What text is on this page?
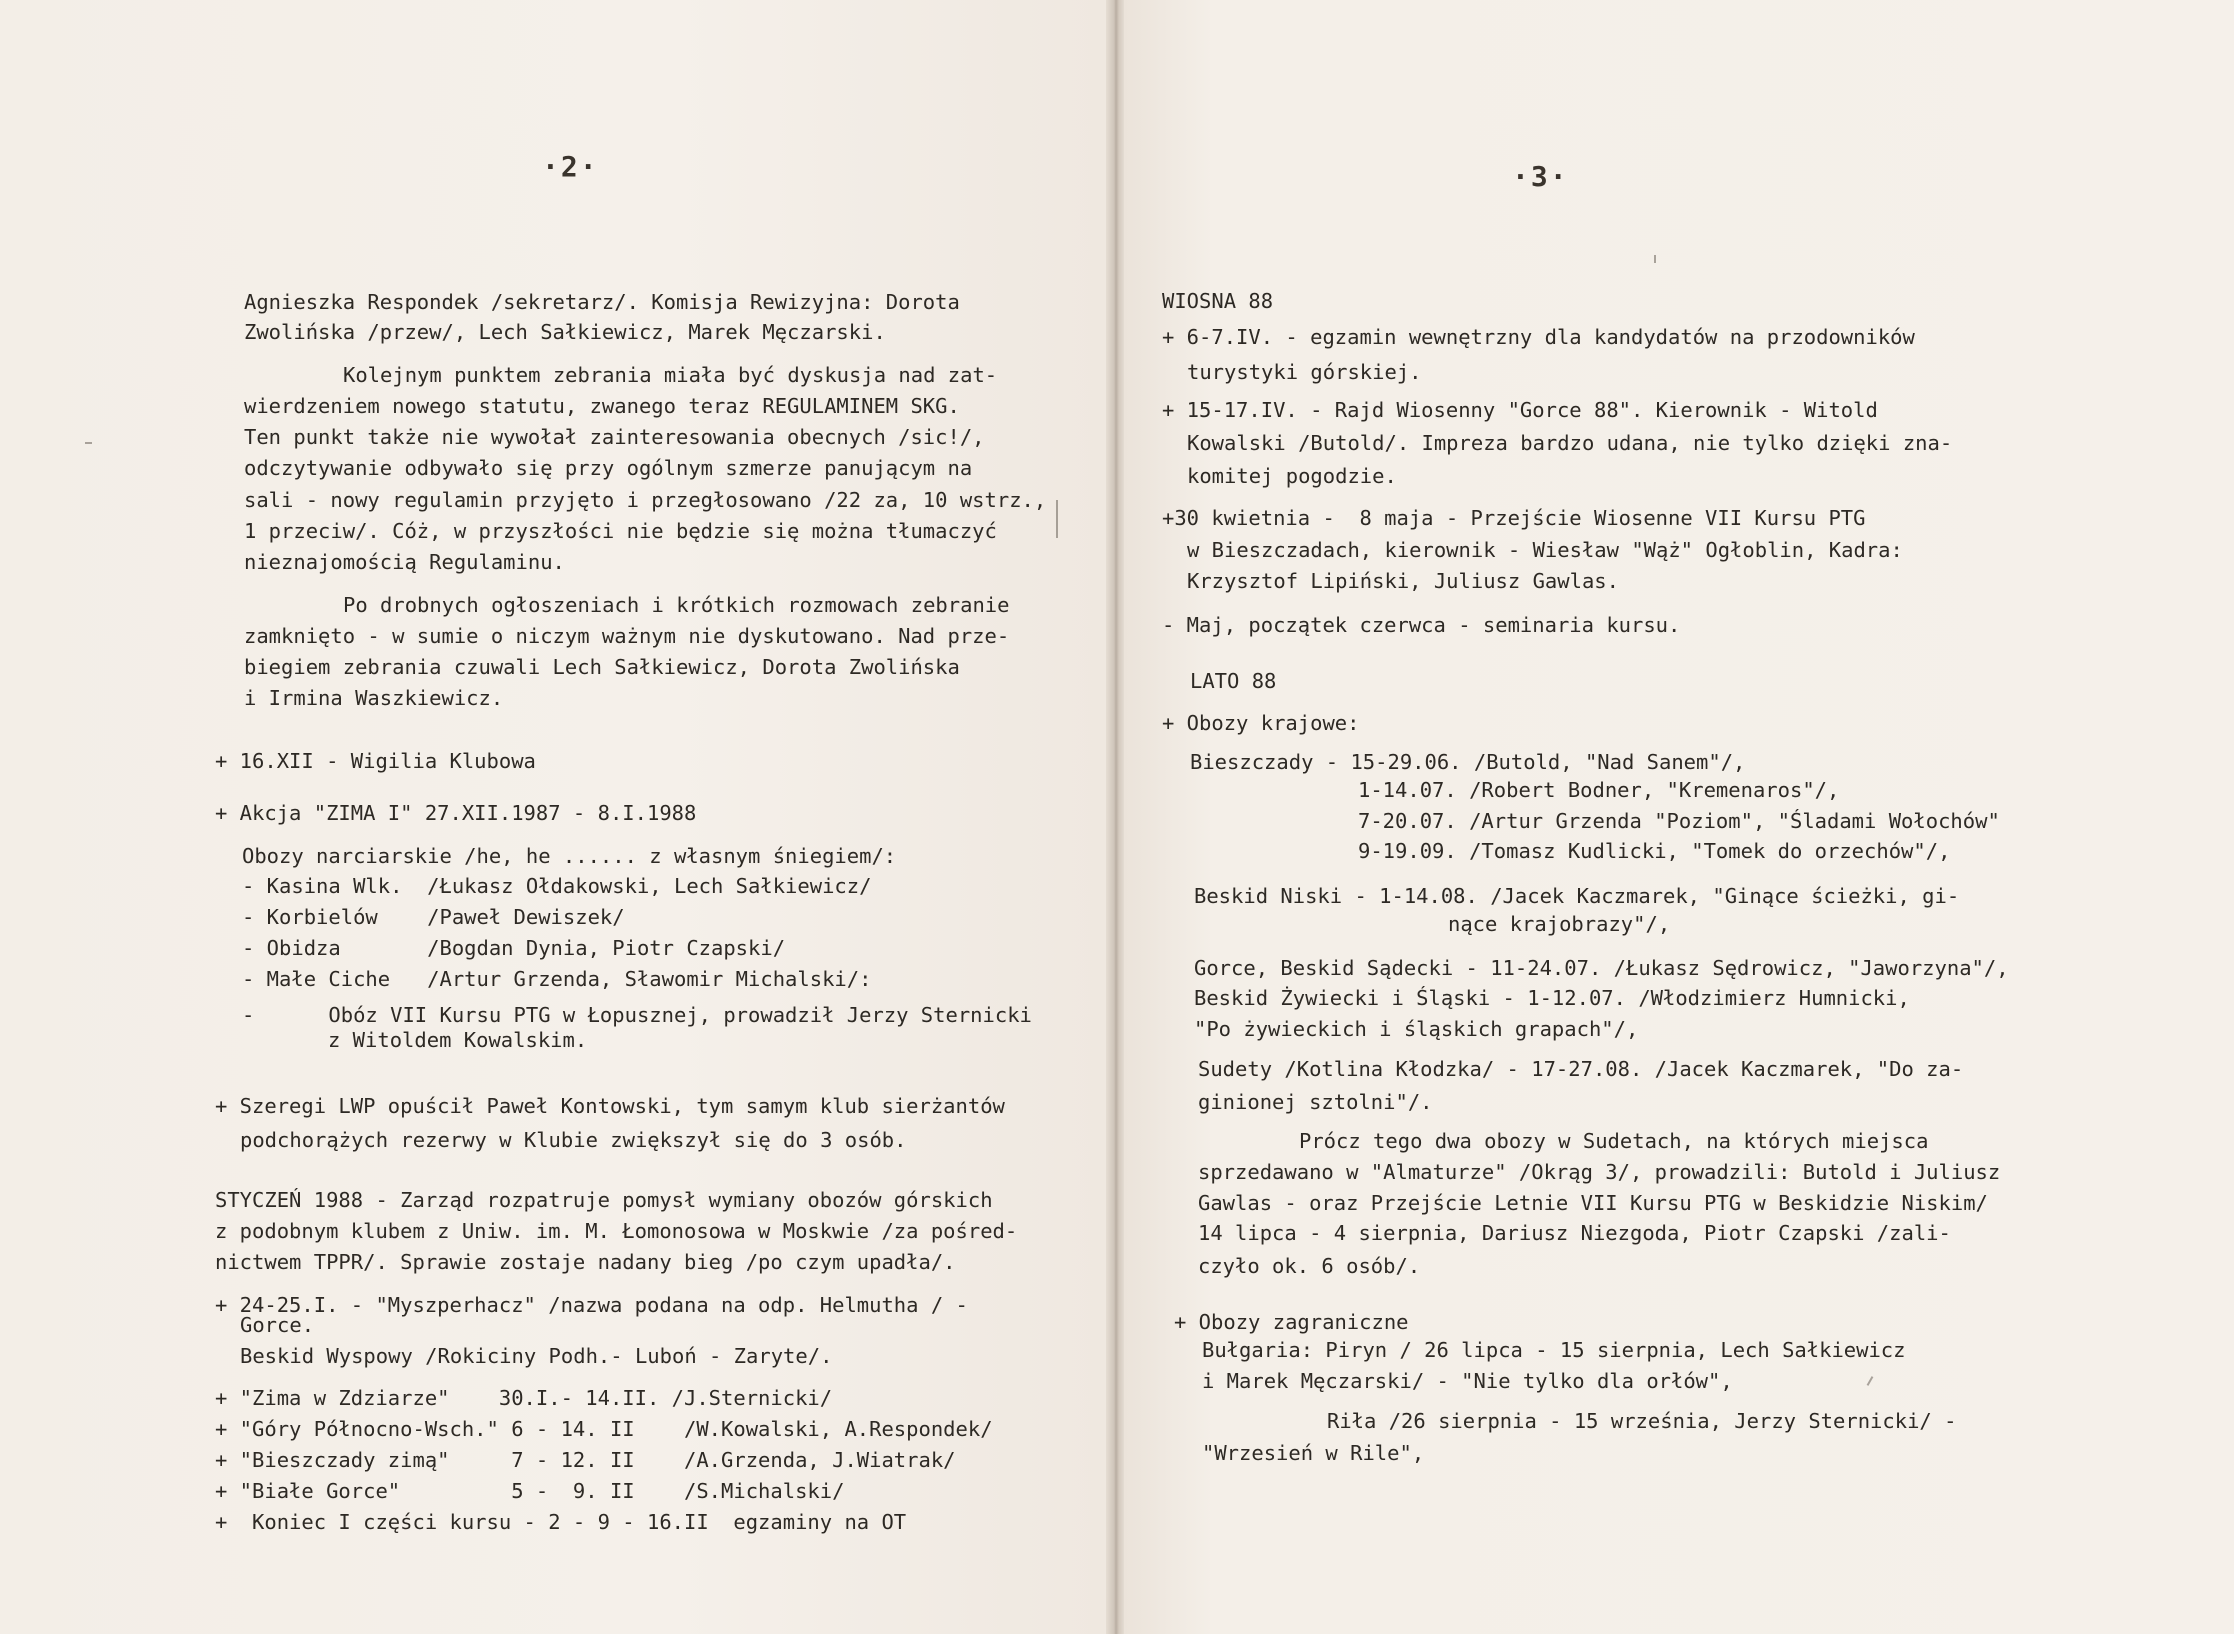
·2·
Agnieszka Respondek /sekretarz/. Komisja Rewizyjna: Dorota
Zwolińska /przew/, Lech Sałkiewicz, Marek Męczarski.
Kolejnym punktem zebrania miała być dyskusja nad zat-
wierdzeniem nowego statutu, zwanego teraz REGULAMINEM SKG.
Ten punkt także nie wywołał zainteresowania obecnych /sic!/,
odczytywanie odbywało się przy ogólnym szmerze panującym na
sali - nowy regulamin przyjęto i przegłosowano /22 za, 10 wstrz.,
1 przeciw/. Cóż, w przyszłości nie będzie się można tłumaczyć
nieznajomością Regulaminu.
Po drobnych ogłoszeniach i krótkich rozmowach zebranie
zamknięto - w sumie o niczym ważnym nie dyskutowano. Nad prze-
biegiem zebrania czuwali Lech Sałkiewicz, Dorota Zwolińska
i Irmina Waszkiewicz.
+ 16.XII - Wigilia Klubowa
+ Akcja "ZIMA I" 27.XII.1987 - 8.I.1988
Obozy narciarskie /he, he ...... z własnym śniegiem/:
- Kasina Wlk.  /Łukasz Ołdakowski, Lech Sałkiewicz/
- Korbielów    /Paweł Dewiszek/
- Obidza       /Bogdan Dynia, Piotr Czapski/
- Małe Ciche   /Artur Grzenda, Sławomir Michalski/:
-      Obóz VII Kursu PTG w Łopusznej, prowadził Jerzy Sternicki
z Witoldem Kowalskim.
+ Szeregi LWP opuścił Paweł Kontowski, tym samym klub sierżantów
podchorążych rezerwy w Klubie zwiększył się do 3 osób.
STYCZEŃ 1988 - Zarząd rozpatruje pomysł wymiany obozów górskich
z podobnym klubem z Uniw. im. M. Łomonosowa w Moskwie /za pośred-
nictwem TPPR/. Sprawie zostaje nadany bieg /po czym upadła/.
+ 24-25.I. - "Myszperhacz" /nazwa podana na odp. Helmutha / -
Gorce.
Beskid Wyspowy /Rokiciny Podh.- Luboń - Zaryte/.
+ "Zima w Zdziarze"    30.I.- 14.II. /J.Sternicki/
+ "Góry Północno-Wsch." 6 - 14. II    /W.Kowalski, A.Respondek/
+ "Bieszczady zimą"     7 - 12. II    /A.Grzenda, J.Wiatrak/
+ "Białe Gorce"         5 -  9. II    /S.Michalski/
+  Koniec I części kursu - 2 - 9 - 16.II  egzaminy na OT
·3·
WIOSNA 88
+ 6-7.IV. - egzamin wewnętrzny dla kandydatów na przodowników
turystyki górskiej.
+ 15-17.IV. - Rajd Wiosenny "Gorce 88". Kierownik - Witold
Kowalski /Butold/. Impreza bardzo udana, nie tylko dzięki zna-
komitej pogodzie.
+30 kwietnia -  8 maja - Przejście Wiosenne VII Kursu PTG
w Bieszczadach, kierownik - Wiesław "Wąż" Ogłoblin, Kadra:
Krzysztof Lipiński, Juliusz Gawlas.
- Maj, początek czerwca - seminaria kursu.
LATO 88
+ Obozy krajowe:
Bieszczady - 15-29.06. /Butold, "Nad Sanem"/,
1-14.07. /Robert Bodner, "Kremenaros"/,
7-20.07. /Artur Grzenda "Poziom", "Śladami Wołochów"
9-19.09. /Tomasz Kudlicki, "Tomek do orzechów"/,
Beskid Niski - 1-14.08. /Jacek Kaczmarek, "Ginące ścieżki, gi-
nące krajobrazy"/,
Gorce, Beskid Sądecki - 11-24.07. /Łukasz Sędrowicz, "Jaworzyna"/,
Beskid Żywiecki i Śląski - 1-12.07. /Włodzimierz Humnicki,
"Po żywieckich i śląskich grapach"/,
Sudety /Kotlina Kłodzka/ - 17-27.08. /Jacek Kaczmarek, "Do za-
ginionej sztolni"/.
Prócz tego dwa obozy w Sudetach, na których miejsca
sprzedawano w "Almaturze" /Okrąg 3/, prowadzili: Butold i Juliusz
Gawlas - oraz Przejście Letnie VII Kursu PTG w Beskidzie Niskim/
14 lipca - 4 sierpnia, Dariusz Niezgoda, Piotr Czapski /zali-
czyło ok. 6 osób/.
+ Obozy zagraniczne
Bułgaria: Piryn / 26 lipca - 15 sierpnia, Lech Sałkiewicz
i Marek Męczarski/ - "Nie tylko dla orłów",
Riła /26 sierpnia - 15 września, Jerzy Sternicki/ -
"Wrzesień w Rile",
